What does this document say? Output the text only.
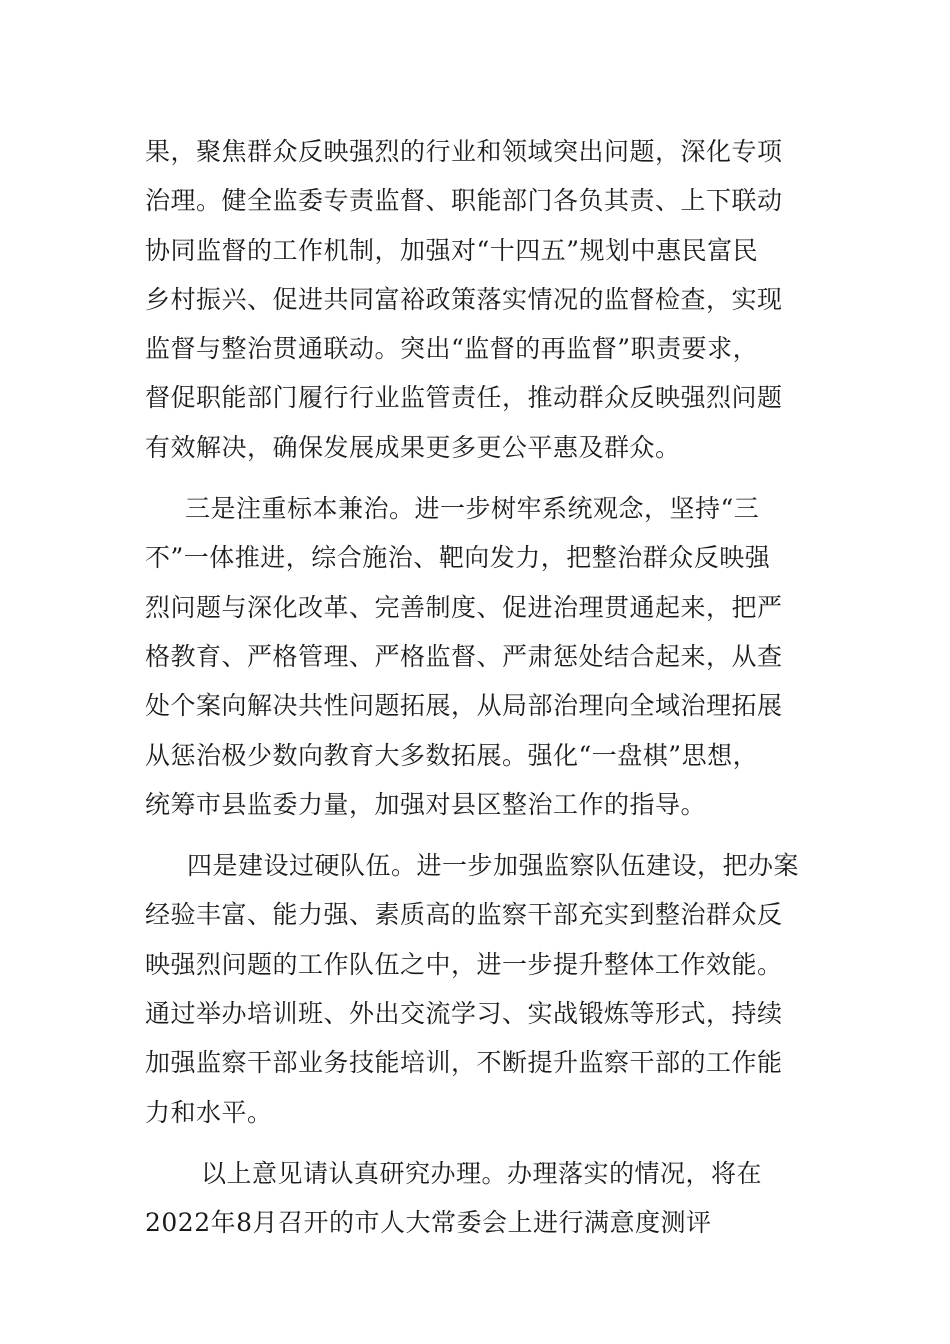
果，聚焦群众反映强烈的行业和领域突出问题，深化专项
治理。健全监委专责监督、职能部门各负其责、上下联动
协同监督的工作机制，加强对“十四五”规划中惠民富民
乡村振兴、促进共同富裕政策落实情况的监督检查，实现
监督与整治贯通联动。突出“监督的再监督”职责要求，
督促职能部门履行行业监管责任，推动群众反映强烈问题
有效解决，确保发展成果更多更公平惠及群众。
三是注重标本兼治。进一步树牢系统观念，坚持“三
不”一体推进，综合施治、靶向发力，把整治群众反映强
烈问题与深化改革、完善制度、促进治理贯通起来，把严
格教育、严格管理、严格监督、严肃惩处结合起来，从查
处个案向解决共性问题拓展，从局部治理向全域治理拓展
从惩治极少数向教育大多数拓展。强化“一盘棋”思想，
统筹市县监委力量，加强对县区整治工作的指导。
四是建设过硬队伍。进一步加强监察队伍建设，把办案
经验丰富、能力强、素质高的监察干部充实到整治群众反
映强烈问题的工作队伍之中，进一步提升整体工作效能。
通过举办培训班、外出交流学习、实战锻炼等形式，持续
加强监察干部业务技能培训，不断提升监察干部的工作能
力和水平。
以上意见请认真研究办理。办理落实的情况，将在
2022年8月召开的市人大常委会上进行满意度测评
